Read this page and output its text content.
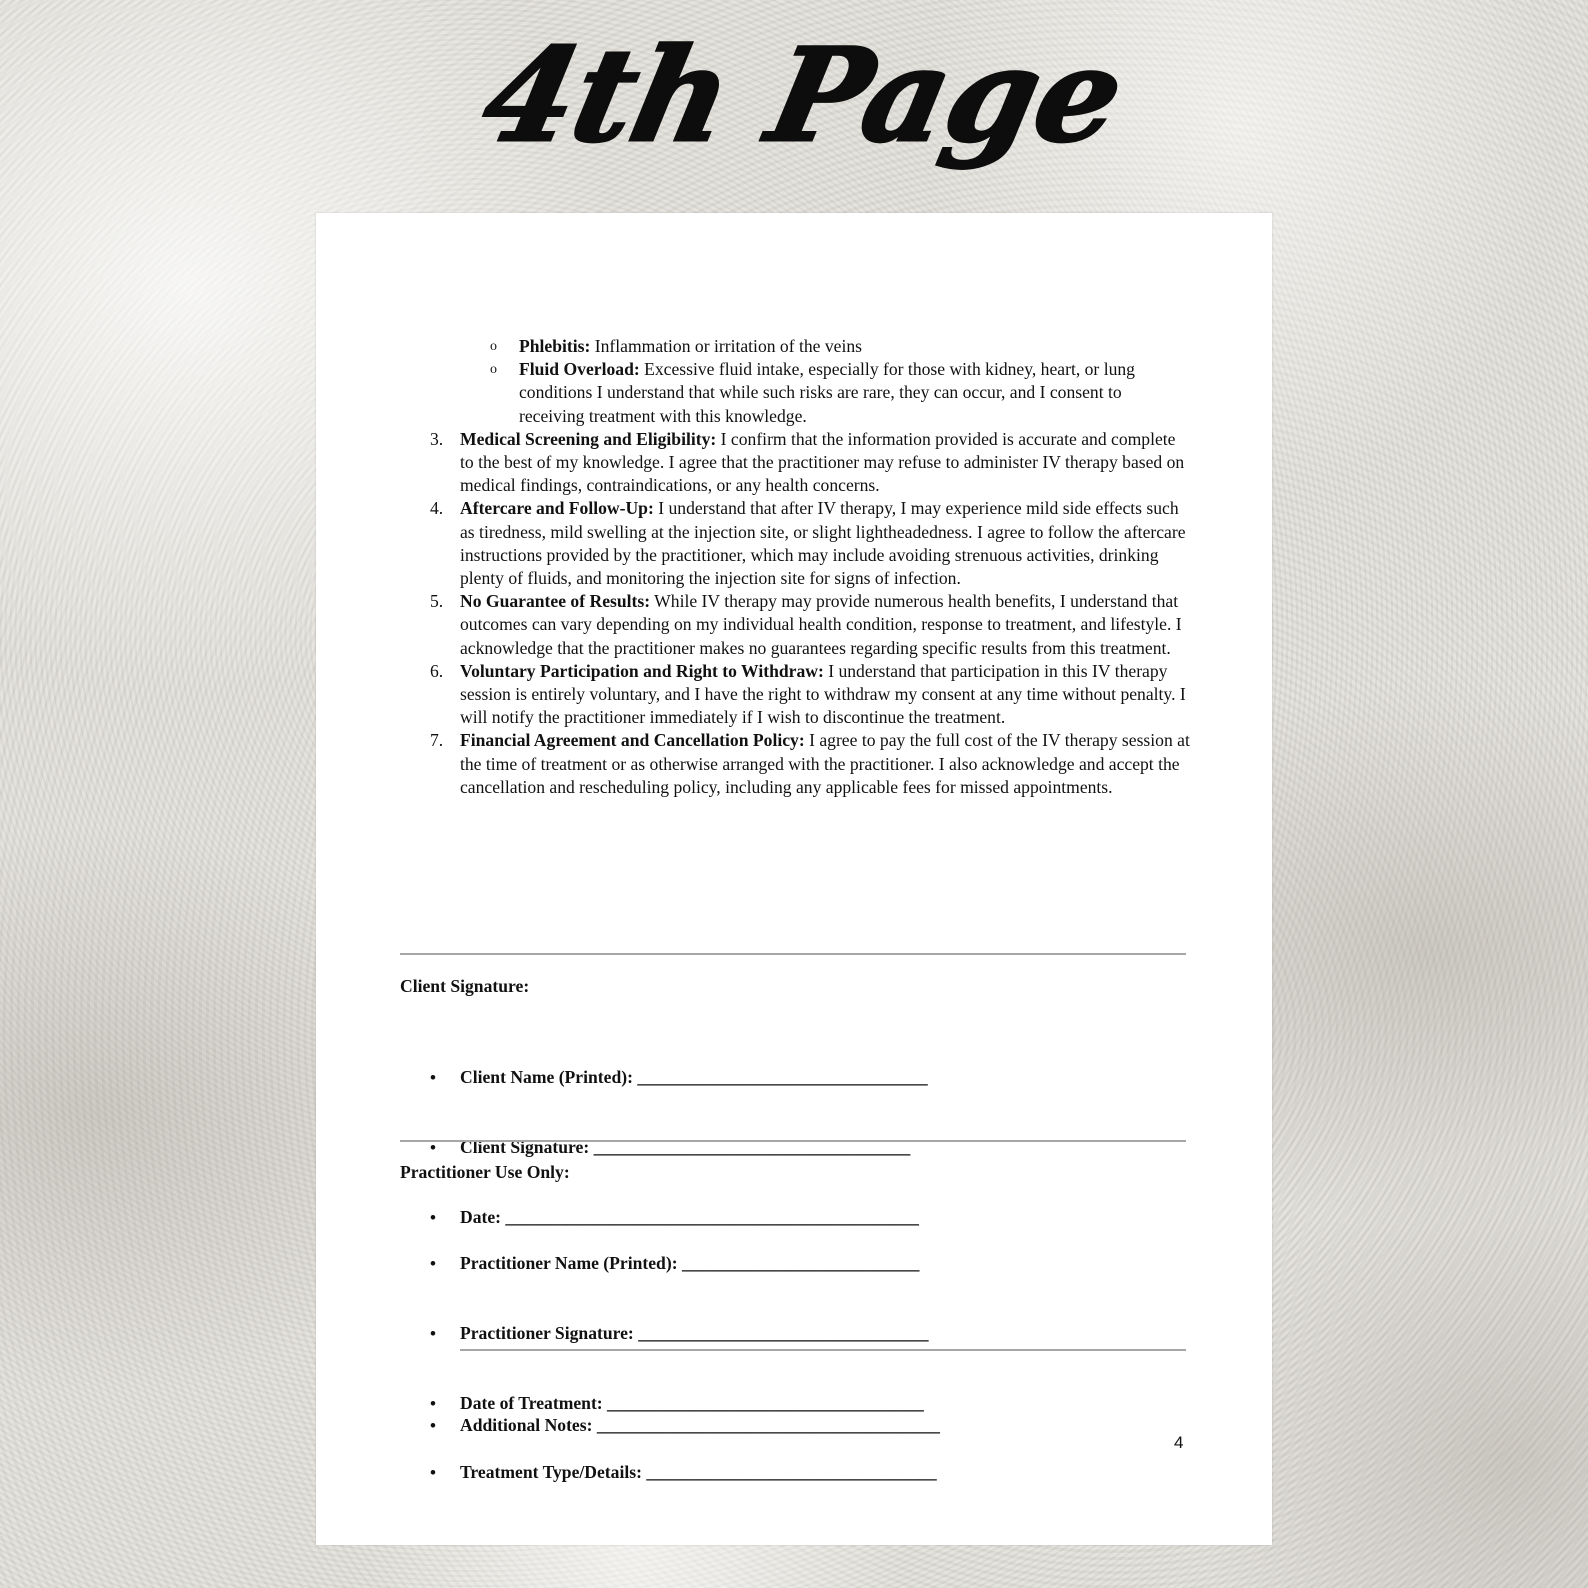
4th Page
o Phlebitis: Inflammation or irritation of the veins
o Fluid Overload: Excessive fluid intake, especially for those with kidney, heart, or lung conditions I understand that while such risks are rare, they can occur, and I consent to receiving treatment with this knowledge.
3. Medical Screening and Eligibility: I confirm that the information provided is accurate and complete to the best of my knowledge. I agree that the practitioner may refuse to administer IV therapy based on medical findings, contraindications, or any health concerns.
4. Aftercare and Follow-Up: I understand that after IV therapy, I may experience mild side effects such as tiredness, mild swelling at the injection site, or slight lightheadedness. I agree to follow the aftercare instructions provided by the practitioner, which may include avoiding strenuous activities, drinking plenty of fluids, and monitoring the injection site for signs of infection.
5. No Guarantee of Results: While IV therapy may provide numerous health benefits, I understand that outcomes can vary depending on my individual health condition, response to treatment, and lifestyle. I acknowledge that the practitioner makes no guarantees regarding specific results from this treatment.
6. Voluntary Participation and Right to Withdraw: I understand that participation in this IV therapy session is entirely voluntary, and I have the right to withdraw my consent at any time without penalty. I will notify the practitioner immediately if I wish to discontinue the treatment.
7. Financial Agreement and Cancellation Policy: I agree to pay the full cost of the IV therapy session at the time of treatment or as otherwise arranged with the practitioner. I also acknowledge and accept the cancellation and rescheduling policy, including any applicable fees for missed appointments.
Client Signature:

• Client Name (Printed): _________________________________

• Client Signature: ____________________________________

• Date: _______________________________________________

Practitioner Use Only:

• Practitioner Name (Printed): ___________________________

• Practitioner Signature: _________________________________

• Date of Treatment: ____________________________________

• Treatment Type/Details: _________________________________

• Additional Notes: _______________________________________

4
